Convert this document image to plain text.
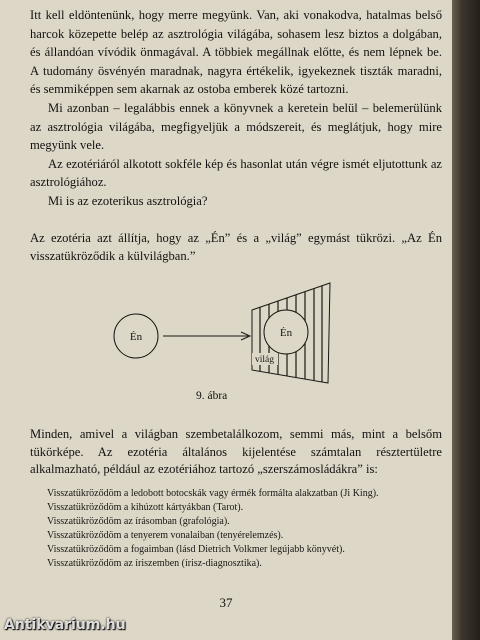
Itt kell eldöntenünk, hogy merre megyünk. Van, aki vonakodva, hatalmas belső harcok közepette belép az asztrológia világába, sohasem lesz biztos a dolgában, és állandóan vívódik önmagával. A többiek megállnak előtte, és nem lépnek be. A tudomány ösvényén maradnak, nagyra értékelik, igyekeznek tiszták maradni, és semmiképpen sem akarnak az ostoba emberek közé tartozni.

Mi azonban – legalábbis ennek a könyvnek a keretein belül – belemerülünk az asztrológia világába, megfigyeljük a módszereit, és meglátjuk, hogy mire megyünk vele.

Az ezotériáról alkotott sokféle kép és hasonlat után végre ismét eljutottunk az asztrológiához.

Mi is az ezoterikus asztrológia?

Az ezotéria azt állítja, hogy az „Én” és a „világ” egymást tükrözi. „Az Én visszatükröződik a külvilágban.”

Én	Én
világ
9. ábra

Minden, amivel a világban szembetalálkozom, semmi más, mint a belsőm tükörképe. Az ezotéria általános kijelentése számtalan résztertületre alkalmazható, például az ezotériához tartozó „szerszámosládákra” is:

Visszatükröződöm a ledobott botocskák vagy érmék formálta alakzatban (Ji King).
Visszatükröződöm a kihúzott kártyákban (Tarot).
Visszatükröződöm az írásomban (grafológia).
Visszatükröződöm a tenyerem vonalaiban (tenyérelemzés).
Visszatükröződöm a fogaimban (lásd Dietrich Volkmer legújabb könyvét).
Visszatükröződöm az íriszemben (írisz-diagnosztika).
37
Antikvarium.hu
